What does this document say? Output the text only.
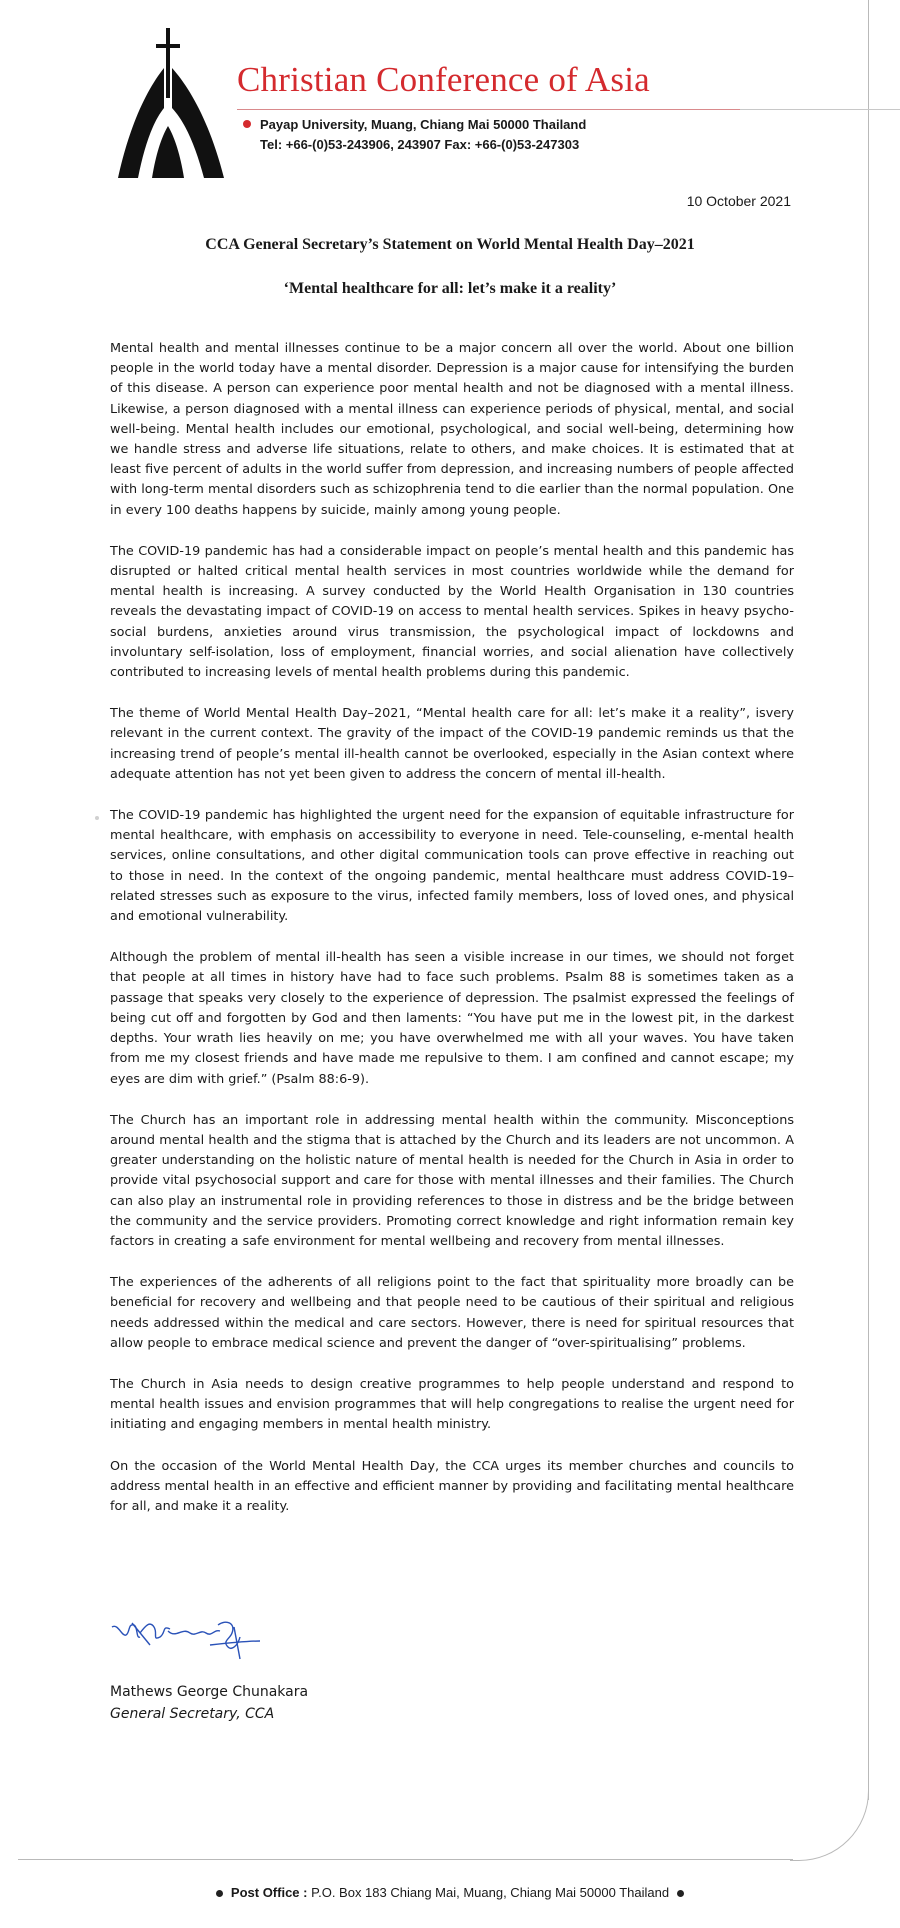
Christian Conference of Asia
Payap University, Muang, Chiang Mai 50000 Thailand
Tel: +66-(0)53-243906, 243907 Fax: +66-(0)53-247303
10 October 2021
CCA General Secretary’s Statement on World Mental Health Day–2021
‘Mental healthcare for all: let’s make it a reality’

Mental health and mental illnesses continue to be a major concern all over the world. About one billion people in the world today have a mental disorder. Depression is a major cause for intensifying the burden of this disease. A person can experience poor mental health and not be diagnosed with a mental illness. Likewise, a person diagnosed with a mental illness can experience periods of physical, mental, and social well-being. Mental health includes our emotional, psychological, and social well-being, determining how we handle stress and adverse life situations, relate to others, and make choices. It is estimated that at least five percent of adults in the world suffer from depression, and increasing numbers of people affected with long-term mental disorders such as schizophrenia tend to die earlier than the normal population. One in every 100 deaths happens by suicide, mainly among young people.

The COVID-19 pandemic has had a considerable impact on people’s mental health and this pandemic has disrupted or halted critical mental health services in most countries worldwide while the demand for mental health is increasing. A survey conducted by the World Health Organisation in 130 countries reveals the devastating impact of COVID-19 on access to mental health services. Spikes in heavy psycho-social burdens, anxieties around virus transmission, the psychological impact of lockdowns and involuntary self-isolation, loss of employment, financial worries, and social alienation have collectively contributed to increasing levels of mental health problems during this pandemic.

The theme of World Mental Health Day–2021, “Mental health care for all: let’s make it a reality”, isvery relevant in the current context. The gravity of the impact of the COVID-19 pandemic reminds us that the increasing trend of people’s mental ill-health cannot be overlooked, especially in the Asian context where adequate attention has not yet been given to address the concern of mental ill-health.

The COVID-19 pandemic has highlighted the urgent need for the expansion of equitable infrastructure for mental healthcare, with emphasis on accessibility to everyone in need. Tele-counseling, e-mental health services, online consultations, and other digital communication tools can prove effective in reaching out to those in need. In the context of the ongoing pandemic, mental healthcare must address COVID-19–related stresses such as exposure to the virus, infected family members, loss of loved ones, and physical and emotional vulnerability.

Although the problem of mental ill-health has seen a visible increase in our times, we should not forget that people at all times in history have had to face such problems. Psalm 88 is sometimes taken as a passage that speaks very closely to the experience of depression. The psalmist expressed the feelings of being cut off and forgotten by God and then laments: “You have put me in the lowest pit, in the darkest depths. Your wrath lies heavily on me; you have overwhelmed me with all your waves. You have taken from me my closest friends and have made me repulsive to them. I am confined and cannot escape; my eyes are dim with grief.” (Psalm 88:6-9).

The Church has an important role in addressing mental health within the community. Misconceptions around mental health and the stigma that is attached by the Church and its leaders are not uncommon. A greater understanding on the holistic nature of mental health is needed for the Church in Asia in order to provide vital psychosocial support and care for those with mental illnesses and their families. The Church can also play an instrumental role in providing references to those in distress and be the bridge between the community and the service providers. Promoting correct knowledge and right information remain key factors in creating a safe environment for mental wellbeing and recovery from mental illnesses.

The experiences of the adherents of all religions point to the fact that spirituality more broadly can be beneficial for recovery and wellbeing and that people need to be cautious of their spiritual and religious needs addressed within the medical and care sectors. However, there is need for spiritual resources that allow people to embrace medical science and prevent the danger of “over-spiritualising” problems.

The Church in Asia needs to design creative programmes to help people understand and respond to mental health issues and envision programmes that will help congregations to realise the urgent need for initiating and engaging members in mental health ministry.

On the occasion of the World Mental Health Day, the CCA urges its member churches and councils to address mental health in an effective and efficient manner by providing and facilitating mental healthcare for all, and make it a reality.

Mathews George Chunakara
General Secretary, CCA
Post Office : P.O. Box 183 Chiang Mai, Muang, Chiang Mai 50000 Thailand
